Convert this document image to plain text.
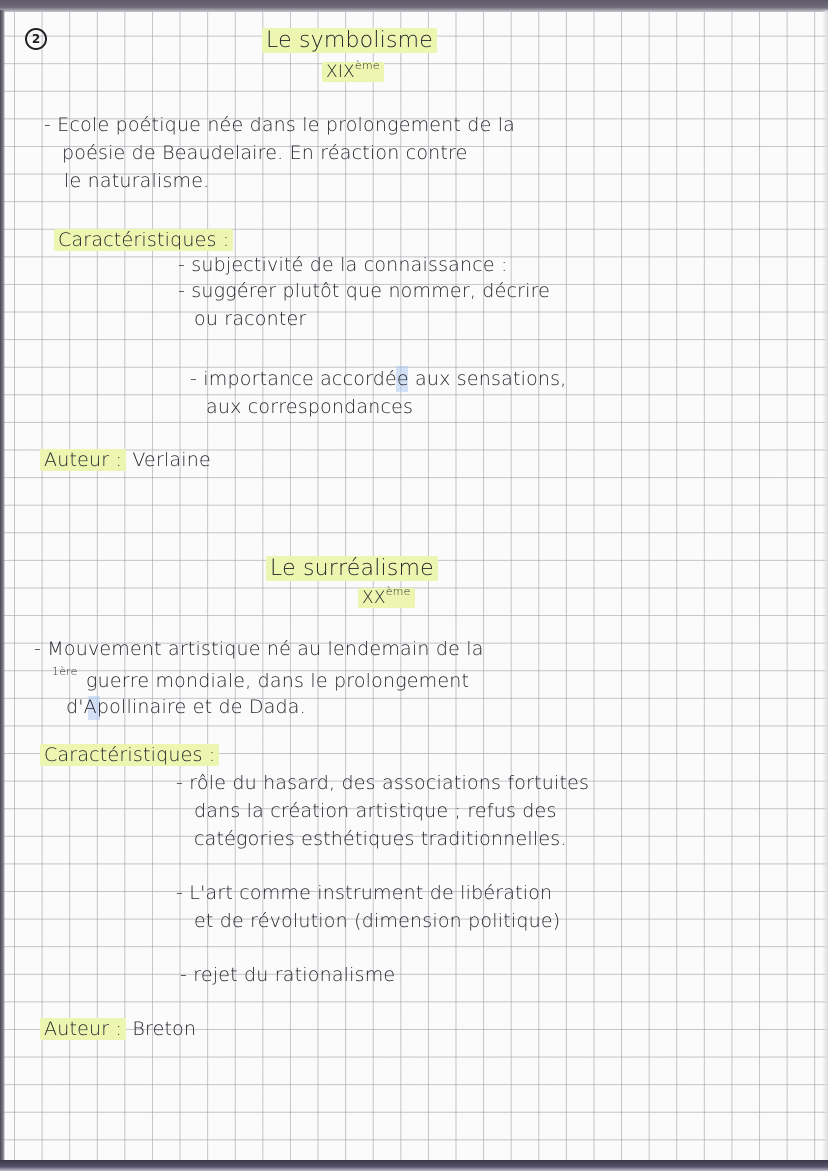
2	Le symbolisme
XIXème
- Ecole poétique née dans le prolongement de la
poésie de Beaudelaire. En réaction contre
le naturalisme.
Caractéristiques :
- subjectivité de la connaissance :
- suggérer plutôt que nommer, décrire
ou raconter
- importance accordée aux sensations,
aux correspondances
Auteur : Verlaine
Le surréalisme
XXème
- Mouvement artistique né au lendemain de la
1ère guerre mondiale, dans le prolongement
d'Apollinaire et de Dada.
Caractéristiques :
- rôle du hasard, des associations fortuites
dans la création artistique ; refus des
catégories esthétiques traditionnelles.
- L'art comme instrument de libération
et de révolution (dimension politique)
- rejet du rationalisme
Auteur : Breton
